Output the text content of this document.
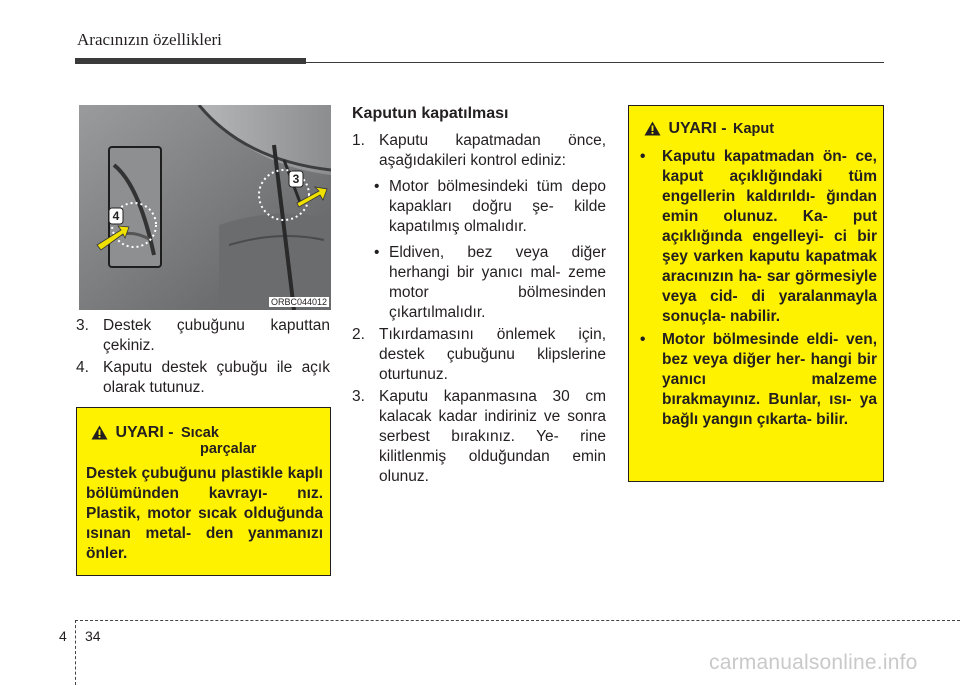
Aracınızın özellikleri
3
4
ORBC044012
3. Destek çubuğunu kaputtan çekiniz.
4. Kaputu destek çubuğu ile açık olarak tutunuz.
UYARI - Sıcak
parçalar
Destek çubuğunu plastikle kaplı bölümünden kavrayı- nız. Plastik, motor sıcak olduğunda ısınan metal- den yanmanızı önler.
Kaputun kapatılması
1. Kaputu kapatmadan önce, aşağıdakileri kontrol ediniz:
• Motor bölmesindeki tüm depo kapakları doğru şe- kilde kapatılmış olmalıdır.
• Eldiven, bez veya diğer herhangi bir yanıcı mal- zeme motor bölmesinden çıkartılmalıdır.
2. Tıkırdamasını önlemek için, destek çubuğunu klipslerine oturtunuz.
3. Kaputu kapanmasına 30 cm kalacak kadar indiriniz ve sonra serbest bırakınız. Ye- rine kilitlenmiş olduğundan emin olunuz.
UYARI - Kaput
• Kaputu kapatmadan ön- ce, kaput açıklığındaki tüm engellerin kaldırıldı- ğından emin olunuz. Ka- put açıklığında engelleyi- ci bir şey varken kaputu kapatmak aracınızın ha- sar görmesiyle veya cid- di yaralanmayla sonuçla- nabilir.
• Motor bölmesinde eldi- ven, bez veya diğer her- hangi bir yanıcı malzeme bırakmayınız. Bunlar, ısı- ya bağlı yangın çıkarta- bilir.
4 34
carmanualsonline.info
